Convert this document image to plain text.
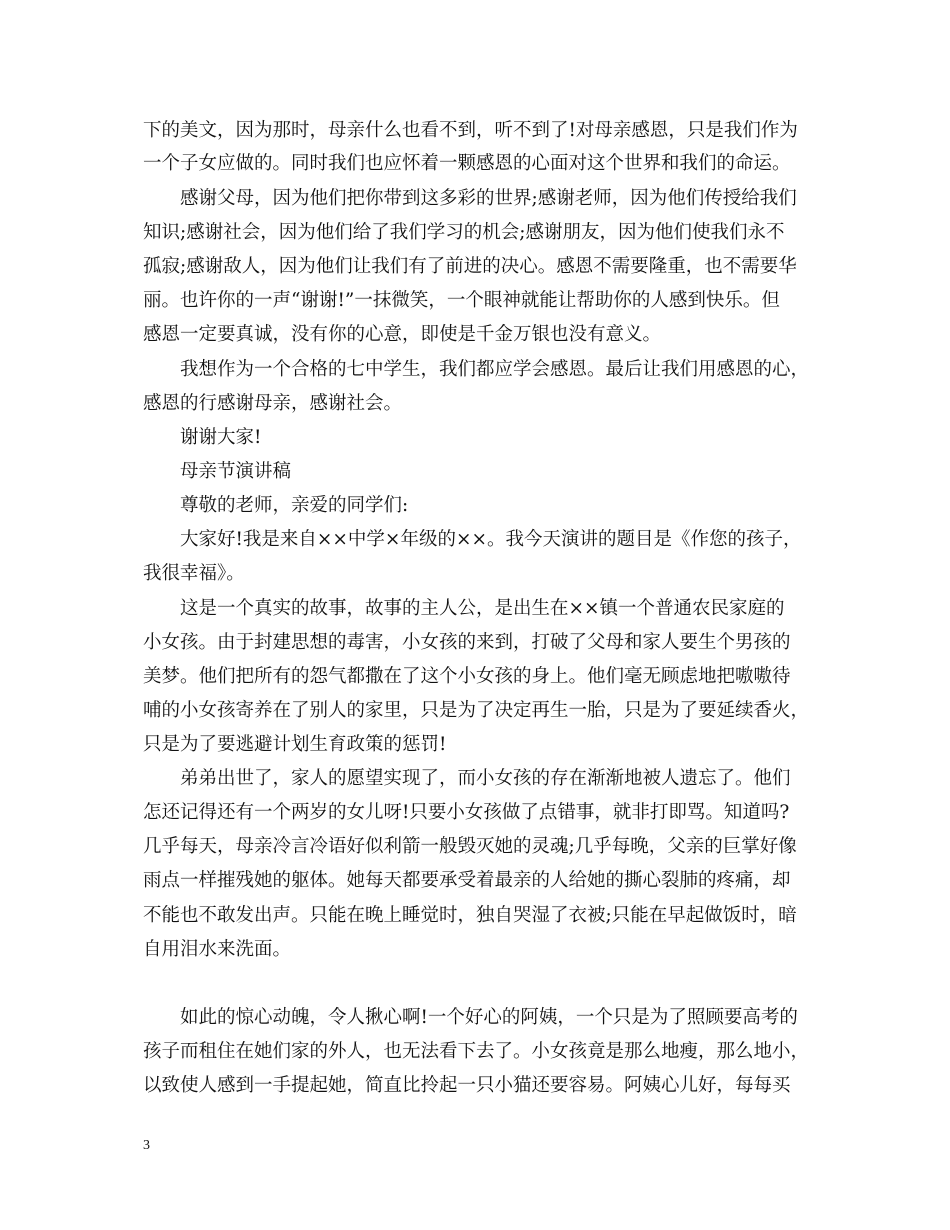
下的美文，因为那时，母亲什么也看不到，听不到了!对母亲感恩，只是我们作为
一个子女应做的。同时我们也应怀着一颗感恩的心面对这个世界和我们的命运。
感谢父母，因为他们把你带到这多彩的世界;感谢老师，因为他们传授给我们
知识;感谢社会，因为他们给了我们学习的机会;感谢朋友，因为他们使我们永不
孤寂;感谢敌人，因为他们让我们有了前进的决心。感恩不需要隆重，也不需要华
丽。也许你的一声“谢谢!”一抹微笑，一个眼神就能让帮助你的人感到快乐。但
感恩一定要真诚，没有你的心意，即使是千金万银也没有意义。
我想作为一个合格的七中学生，我们都应学会感恩。最后让我们用感恩的心，
感恩的行感谢母亲，感谢社会。
谢谢大家!
母亲节演讲稿
尊敬的老师，亲爱的同学们:
大家好!我是来自××中学×年级的××。我今天演讲的题目是《作您的孩子，
我很幸福》。
这是一个真实的故事，故事的主人公，是出生在××镇一个普通农民家庭的
小女孩。由于封建思想的毒害，小女孩的来到，打破了父母和家人要生个男孩的
美梦。他们把所有的怨气都撒在了这个小女孩的身上。他们毫无顾虑地把嗷嗷待
哺的小女孩寄养在了别人的家里，只是为了决定再生一胎，只是为了要延续香火，
只是为了要逃避计划生育政策的惩罚!
弟弟出世了，家人的愿望实现了，而小女孩的存在渐渐地被人遗忘了。他们
怎还记得还有一个两岁的女儿呀!只要小女孩做了点错事，就非打即骂。知道吗?
几乎每天，母亲冷言冷语好似利箭一般毁灭她的灵魂;几乎每晚，父亲的巨掌好像
雨点一样摧残她的躯体。她每天都要承受着最亲的人给她的撕心裂肺的疼痛，却
不能也不敢发出声。只能在晚上睡觉时，独自哭湿了衣被;只能在早起做饭时，暗
自用泪水来洗面。
如此的惊心动魄，令人揪心啊!一个好心的阿姨，一个只是为了照顾要高考的
孩子而租住在她们家的外人，也无法看下去了。小女孩竟是那么地瘦，那么地小，
以致使人感到一手提起她，简直比拎起一只小猫还要容易。阿姨心儿好，每每买
3
